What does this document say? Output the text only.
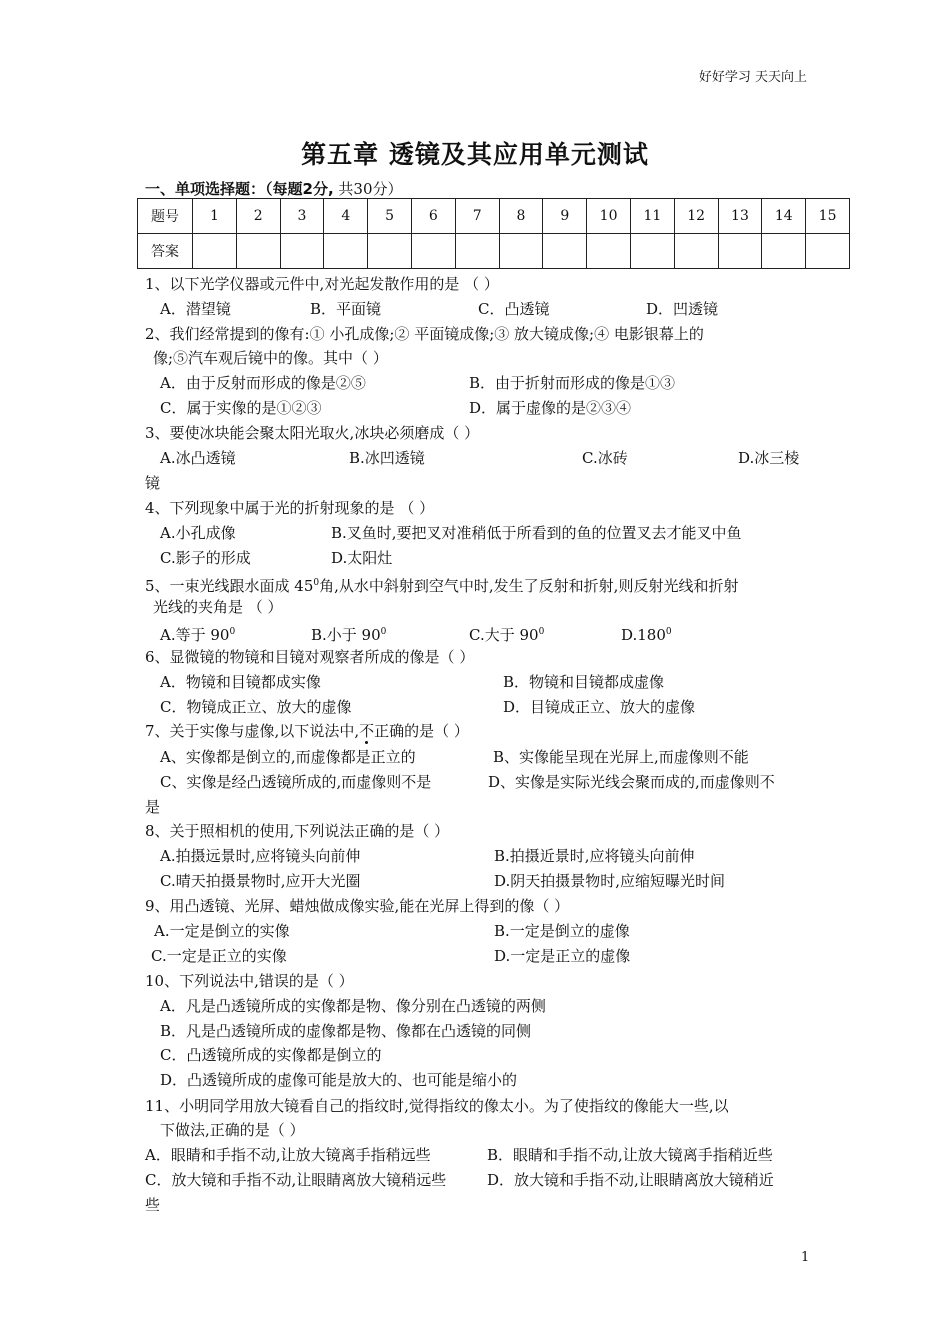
好好学习 天天向上
第五章 透镜及其应用单元测试
一、单项选择题：（每题2分, 共30分）
题号	1	2	3	4	5	6	7	8	9	10	11	12	13	14	15
答案															
1、以下光学仪器或元件中,对光起发散作用的是 （ ）
A．潜望镜	B．平面镜	C．凸透镜	D．凹透镜
2、我们经常提到的像有:① 小孔成像;② 平面镜成像;③ 放大镜成像;④ 电影银幕上的
像;⑤汽车观后镜中的像。其中（ ）
A．由于反射而形成的像是②⑤	B．由于折射而形成的像是①③
C．属于实像的是①②③	D．属于虚像的是②③④
3、要使冰块能会聚太阳光取火,冰块必须磨成（ ）
A.冰凸透镜	B.冰凹透镜	C.冰砖	D.冰三棱
镜
4、下列现象中属于光的折射现象的是 （ ）
A.小孔成像	B.叉鱼时,要把叉对准稍低于所看到的鱼的位置叉去才能叉中鱼
C.影子的形成	D.太阳灶
5、一束光线跟水面成 $45^0$角,从水中斜射到空气中时,发生了反射和折射,则反射光线和折射
光线的夹角是 （ ）
A.等于 $90^0$	B.小于 $90^0$	C.大于 $90^0$	D.180$^0$
6、显微镜的物镜和目镜对观察者所成的像是（ ）
A．物镜和目镜都成实像	B．物镜和目镜都成虚像
C．物镜成正立、放大的虚像	D．目镜成正立、放大的虚像
7、关于实像与虚像,以下说法中,不正确的是（ ）
A、实像都是倒立的,而虚像都是正立的	B、实像能呈现在光屏上,而虚像则不能
C、实像是经凸透镜所成的,而虚像则不是	D、实像是实际光线会聚而成的,而虚像则不
是
8、关于照相机的使用,下列说法正确的是（ ）
A.拍摄远景时,应将镜头向前伸	B.拍摄近景时,应将镜头向前伸
C.晴天拍摄景物时,应开大光圈	D.阴天拍摄景物时,应缩短曝光时间
9、用凸透镜、光屏、蜡烛做成像实验,能在光屏上得到的像（ ）
A.一定是倒立的实像	B.一定是倒立的虚像
C.一定是正立的实像	D.一定是正立的虚像
10、下列说法中,错误的是（ ）
A．凡是凸透镜所成的实像都是物、像分别在凸透镜的两侧
B．凡是凸透镜所成的虚像都是物、像都在凸透镜的同侧
C．凸透镜所成的实像都是倒立的
D．凸透镜所成的虚像可能是放大的、也可能是缩小的
11、小明同学用放大镜看自己的指纹时,觉得指纹的像太小。为了使指纹的像能大一些,以
下做法,正确的是（ ）
A．眼睛和手指不动,让放大镜离手指稍远些	B．眼睛和手指不动,让放大镜离手指稍近些
C．放大镜和手指不动,让眼睛离放大镜稍远些	D．放大镜和手指不动,让眼睛离放大镜稍近
些
1
